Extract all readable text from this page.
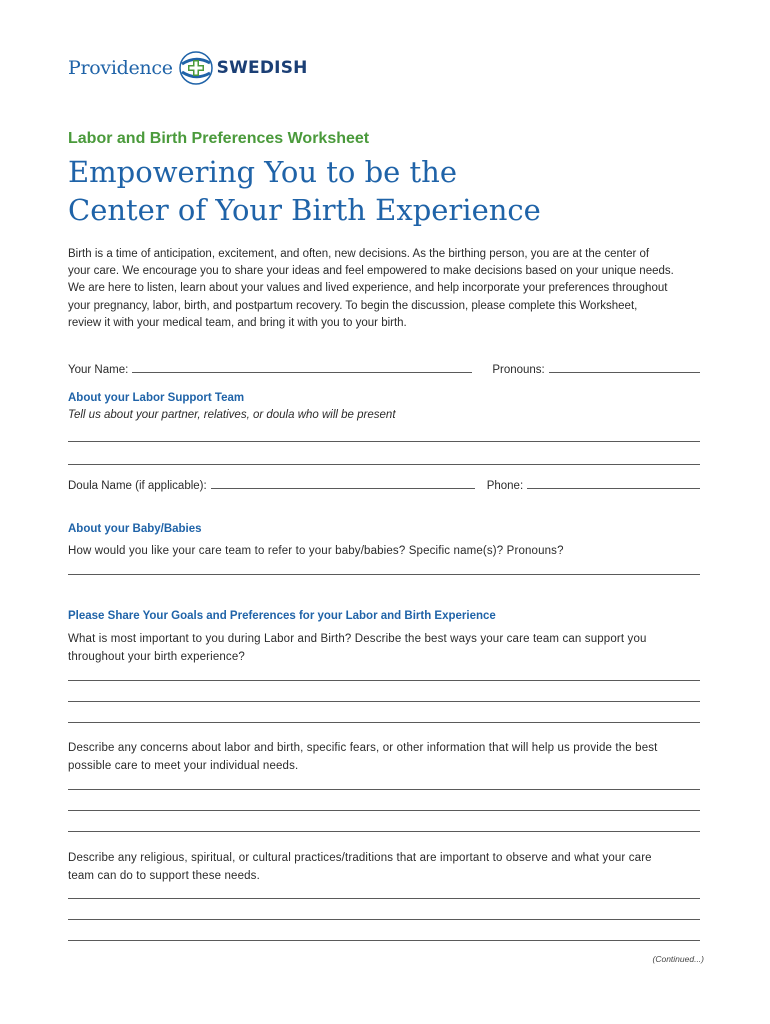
Providence	SWEDISH
Labor and Birth Preferences Worksheet
Empowering You to be the
Center of Your Birth Experience
Birth is a time of anticipation, excitement, and often, new decisions. As the birthing person, you are at the center of
your care. We encourage you to share your ideas and feel empowered to make decisions based on your unique needs.
We are here to listen, learn about your values and lived experience, and help incorporate your preferences throughout
your pregnancy, labor, birth, and postpartum recovery. To begin the discussion, please complete this Worksheet,
review it with your medical team, and bring it with you to your birth.
Your Name:	Pronouns:
About your Labor Support Team
Tell us about your partner, relatives, or doula who will be present
Doula Name (if applicable):	Phone:
About your Baby/Babies
How would you like your care team to refer to your baby/babies? Specific name(s)? Pronouns?
Please Share Your Goals and Preferences for your Labor and Birth Experience
What is most important to you during Labor and Birth? Describe the best ways your care team can support you
throughout your birth experience?
Describe any concerns about labor and birth, specific fears, or other information that will help us provide the best
possible care to meet your individual needs.
Describe any religious, spiritual, or cultural practices/traditions that are important to observe and what your care
team can do to support these needs.
(Continued...)
